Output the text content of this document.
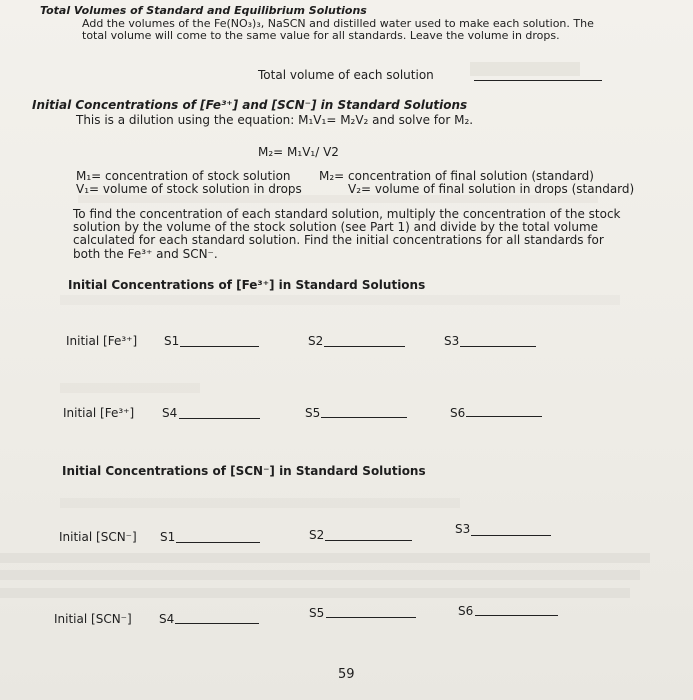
Total Volumes of Standard and Equilibrium Solutions
Add the volumes of the Fe(NO₃)₃, NaSCN and distilled water used to make each solution. The
total volume will come to the same value for all standards. Leave the volume in drops.
Total volume of each solution
Initial Concentrations of [Fe³⁺] and [SCN⁻] in Standard Solutions
This is a dilution using the equation: M₁V₁= M₂V₂ and solve for M₂.
M₂= M₁V₁/ V2
M₁= concentration of stock solution M₂= concentration of final solution (standard)
V₁= volume of stock solution in drops	V₂= volume of final solution in drops (standard)
To find the concentration of each standard solution, multiply the concentration of the stock
solution by the volume of the stock solution (see Part 1) and divide by the total volume
calculated for each standard solution. Find the initial concentrations for all standards for
both the Fe³⁺ and SCN⁻.
Initial Concentrations of [Fe³⁺] in Standard Solutions
Initial [Fe³⁺] S1	S2	S3
Initial [Fe³⁺] S4	S5	S6
Initial Concentrations of [SCN⁻] in Standard Solutions
Initial [SCN⁻] S1	S2	S3
Initial [SCN⁻] S4	S5	S6
59
